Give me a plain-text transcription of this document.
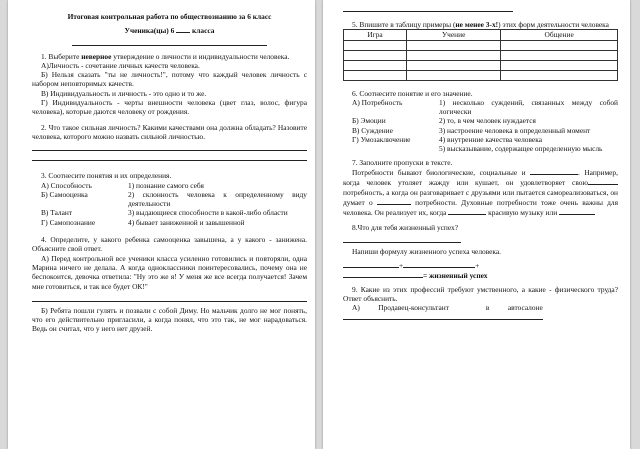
Итоговая контрольная работа по обществознанию за 6 класс

Ученика(цы) 6 класса

1. Выберите неверное утверждение о личности и индивидуальности человека.

А)Личность - сочетание личных качеств человека.

Б) Нельзя сказать "ты не личность!", потому что каждый человек личность с набором неповторимых качеств.

В) Индивидуальность и личность - это одно и то же.

Г) Индивидуальность - черты внешности человека (цвет глаз, волос, фигура человека), которые даются человеку от рождения.

2. Что такое сильная личность? Какими качествами она должна обладать? Назовите человека, которого можно назвать сильной личностью.

3. Соотнесите понятия и их определения.

А) Способность	1) познание самого себя
Б) Самооценка	2) склонность человека к определенному виду деятельности
В) Талант	3) выдающиеся способности в какой-либо области
Г) Самопознание	4) бывает заниженной и завышенной

4. Определите, у какого ребенка самооценка завышена, а у какого - занижена. Объясните свой ответ.

А) Перед контрольной все ученики класса усиленно готовились и повторяли, одна Марина ничего не делала. А когда одноклассники поинтересовались, почему она не беспокоится, девочка ответила: "Ну это же я! У меня же все всегда получается! Зачем мне готовиться, и так все будет ОК!"

Б) Ребята пошли гулять и позвали с собой Диму. Но мальчик долго не мог понять, что его действительно пригласили, а когда понял, что это так, не мог нарадоваться. Ведь он считал, что у него нет друзей.

5. Впишите в таблицу примеры (не менее 3-х!) этих форм деятельности человека

Игра	Учение	Общение

6. Соотнесите понятие и его значение.

А) Потребность	1) несколько суждений, связанных между собой логически
Б) Эмоции	2) то, в чем человек нуждается
В) Суждение	3) настроение человека в определенный момент
Г) Умозаключение	4) внутренние качества человека
5) высказывание, содержащее определенную мысль

7. Заполните пропуски в тексте.

Потребности бывают биологические, социальные и	. Например, когда человек утоляет жажду или кушает, он удовлетворяет свою потребность, а когда он разговаривает с друзьями или пытается самореализоваться, он думает о	потребности. Духовные потребности тоже очень важны для человека. Он реализует их, когда	красивую музыку или

8.Что для тебя жизненный успех?

Напиши формулу жизненного успеха человека.

+	+

= жизненный успех

9. Какие из этих профессий требуют умственного, а какие - физического труда? Ответ объяснить.

А)          Продавец-консультант                    в          автосалоне
